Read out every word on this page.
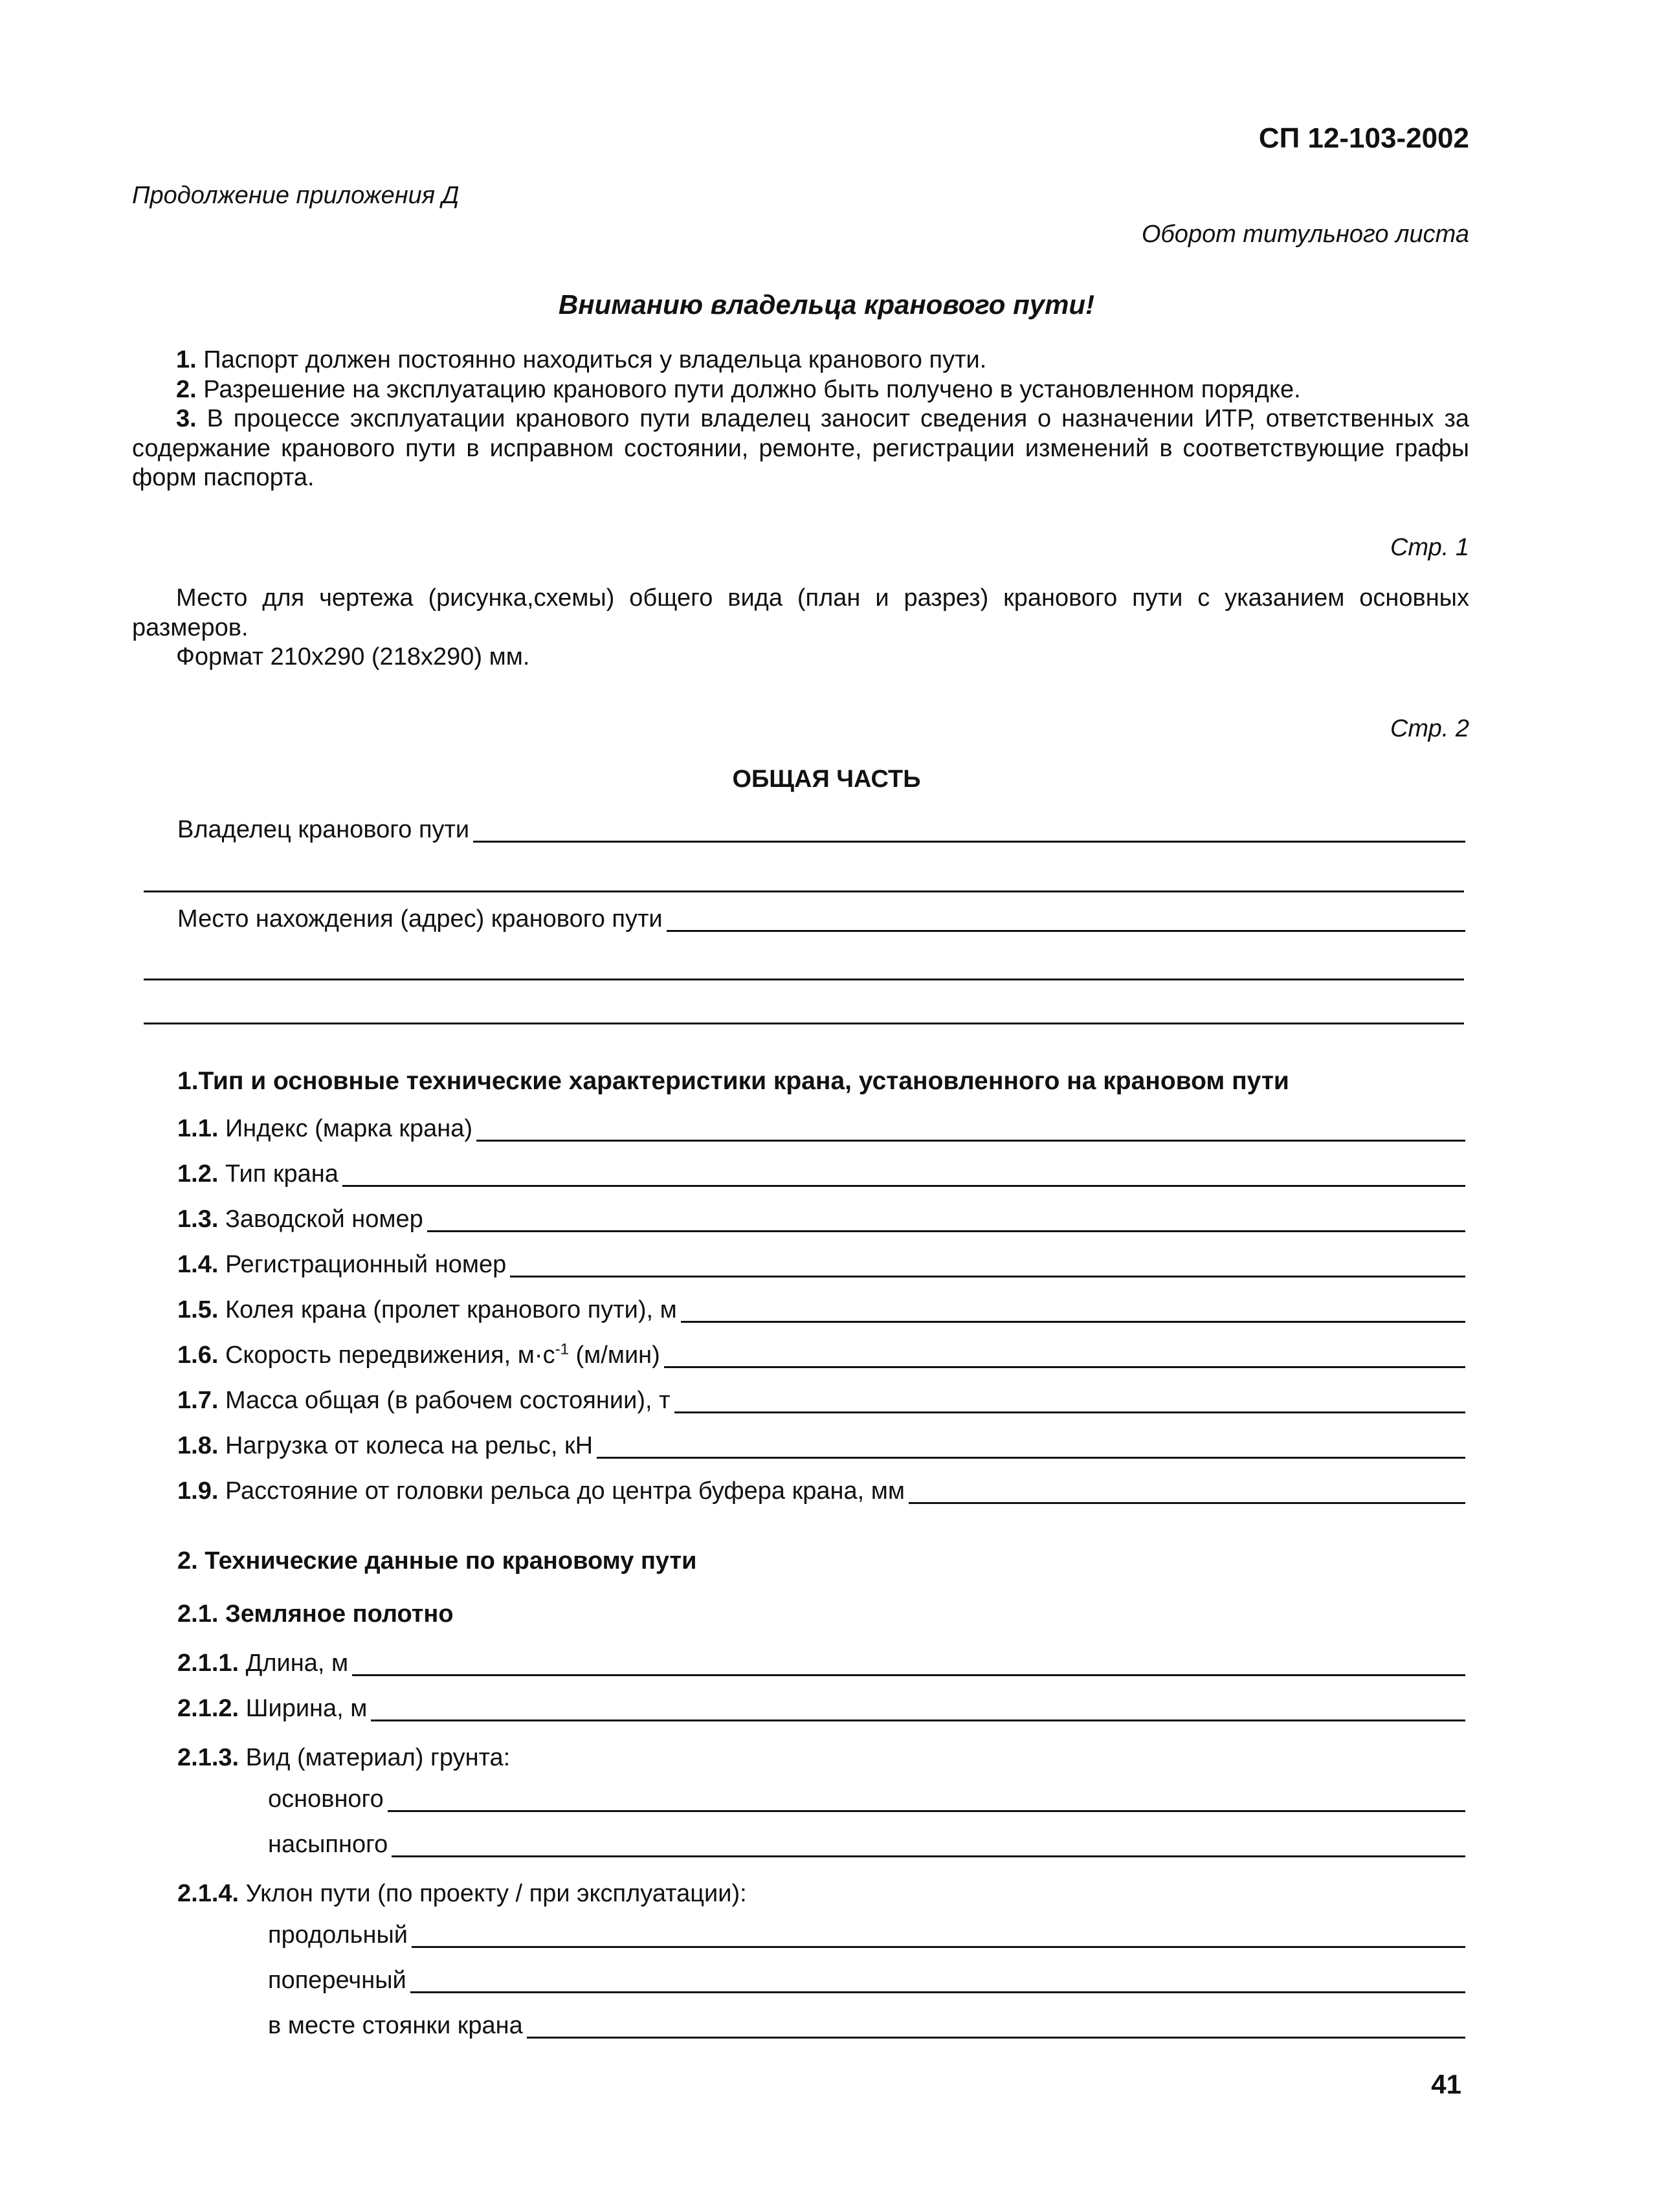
СП 12-103-2002
Продолжение приложения Д
Оборот титульного листа
Вниманию владельца кранового пути!

1. Паспорт должен постоянно находиться у владельца кранового пути.

2. Разрешение на эксплуатацию кранового пути должно быть получено в установленном порядке.

3. В процессе эксплуатации кранового пути владелец заносит сведения о назначении ИТР, ответственных за содержание кранового пути в исправном состоянии, ремонте, регистрации изменений в соответствующие графы форм паспорта.

Стр. 1

Место для чертежа (рисунка,схемы) общего вида (план и разрез) кранового пути с указанием основных размеров.

Формат 210х290 (218х290) мм.

Стр. 2
ОБЩАЯ ЧАСТЬ
Владелец кранового пути
Место нахождения (адрес) кранового пути
1.Тип и основные технические характеристики крана, установленного на крановом пути
1.1. Индекс (марка крана)
1.2. Тип крана
1.3. Заводской номер
1.4. Регистрационный номер
1.5. Колея крана (пролет кранового пути), м
1.6. Скорость передвижения, $м\cdot с^{-1}$ (м/мин)
1.7. Масса общая (в рабочем состоянии), т
1.8. Нагрузка от колеса на рельс, кН
1.9. Расстояние от головки рельса до центра буфера крана, мм
2. Технические данные по крановому пути
2.1. Земляное полотно
2.1.1. Длина, м
2.1.2. Ширина, м
2.1.3. Вид (материал) грунта:
основного
насыпного
2.1.4. Уклон пути (по проекту / при эксплуатации):
продольный
поперечный
в месте стоянки крана
41
